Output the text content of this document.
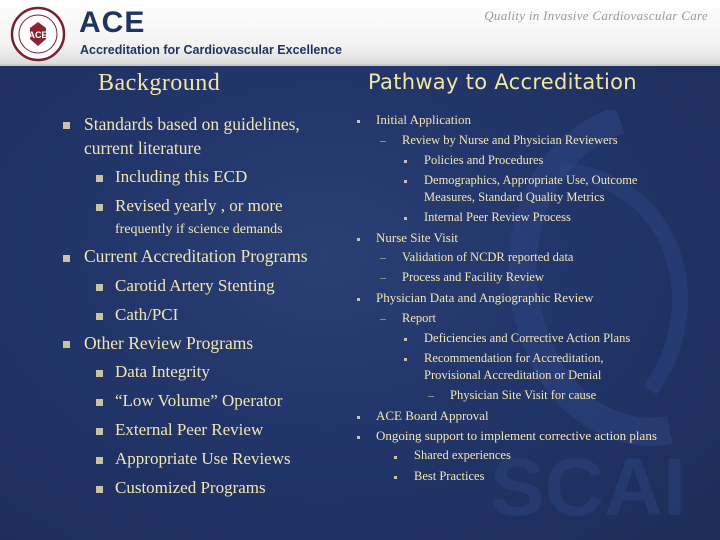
SCAI
ACE ACE
Accreditation for Cardiovascular Excellence
Quality in Invasive Cardiovascular Care
Background
Standards based on guidelines,
current literature
Including this ECD
Revised yearly , or more
frequently if science demands
Current Accreditation Programs
Carotid Artery Stenting
Cath/PCI
Other Review Programs
Data Integrity
“Low Volume” Operator
External Peer Review
Appropriate Use Reviews
Customized Programs
Pathway to Accreditation
Initial Application
– Review by Nurse and Physician Reviewers
Policies and Procedures
Demographics, Appropriate Use, Outcome
Measures, Standard Quality Metrics
Internal Peer Review Process
Nurse Site Visit
– Validation of NCDR reported data
– Process and Facility Review
Physician Data and Angiographic Review
– Report
Deficiencies and Corrective Action Plans
Recommendation for Accreditation,
Provisional Accreditation or Denial
– Physician Site Visit for cause
ACE Board Approval
Ongoing support to implement corrective action plans
Shared experiences
Best Practices
